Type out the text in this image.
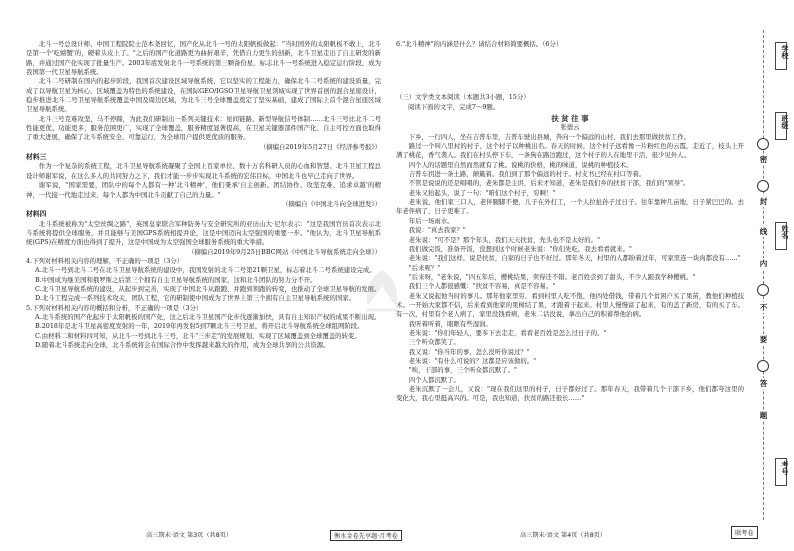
北斗一号总设计师、中国工程院院士范本尧回忆，国产化从北斗一号的太阳帆板做起："当时国外的太阳帆板不敢上，北斗是第一个'吃螃蟹'的，硬着头皮上了。"之后的国产化道路更为曲折艰辛，凭借自力更生的创新，北斗卫星走出了自主研发的新路，并通过国产化实现了批量生产。2003年底发射北斗一号系统的第三颗备份星，标志北斗一号系统进入稳定运行阶段，成为我国第一代卫星导航系统。

北斗二号研制在国内的起步阶段，我国首次建设区域导航系统，它以坚实的工程能力，确保北斗二号系统的建设质量，完成了以导航卫星为核心、区域覆盖为特色的系统建设，在国际GEO/IGSO卫星导航卫星领域实现了世界首创的混合星座设计，稳步推进北斗二号卫星导航系统覆盖中国及周边区域，为北斗三号全球覆盖奠定了坚实基础，建成了国际上首个混合星座区域卫星导航系统。

北斗三号克难攻坚，马不停蹄，为此我们研制出一系列关键技术：星间链路、新型导航信号体制……北斗三号比北斗二号性能更优、功能更多，服务范围更广，实现了全球覆盖，服务精度显著提高，在卫星关键器部件国产化、自主可控方面也取得了重大进展，确保了北斗系统安全、可靠运行，为全球用户提供更优质的服务。

（摘编自2019年5月27日《经济参考报》）

材料三

作为一个复杂的系统工程，北斗卫星导航系统凝聚了全国上百家单位、数十万名科研人员的心血和智慧。北斗卫星工程总设计师谢军说，在这么多人的共同努力之下，我们才能一步步实现北斗系统的宏伟目标，中国北斗也早已走向了世界。

谢军说，"国家需要，团队中的每个人都有一种'北斗精神'，他们秉承'自主创新、团结协作、攻坚克难、追求卓越'的精神，一代接一代地走过来，每个人都为中国北斗贡献了自己的力量。"

（摘编自《中国北斗向全球进发》）

材料四

北斗系统被称为"太空丝绸之路"，英国皇家联合军种防务与安全研究所的亚历山大·尼尔表示："这是我国官员首次表示北斗系统将提供全球服务，并且能够与美国GPS系统相提并论，这是中国迈向太空强国的重要一步。"他认为，北斗卫星导航系统(GPS)在精度方面也得到了提升，这是中国成为太空强国全球服务系统的重大举措。

（摘编自2019年9月25日BBC网站《中国北斗导航系统走向全球》）

4.下列对材料相关内容的理解，不正确的一项是（3分）

A.北斗一号到北斗二号在北斗卫星导航系统的建设中，我国发射的北斗二号第21颗卫星，标志着北斗二号系统建设完成。

B.中国成为继美国和俄罗斯之后第三个拥有自主卫星导航系统的国家，这和北斗团队的努力分不开。

C.北斗卫星导航系统的建设，从起步到完善，实现了中国北斗从跟跑、并跑到领跑的转变，也推动了全球卫星导航的发展。

D.北斗工程完成一系列技术攻关，团队工程，它的研制使中国成为了世界上第三个拥有自主卫星导航系统的国家。

5.下列对材料相关内容的概括和分析，不正确的一项是（3分）

A.北斗系统的国产化起步于太阳帆板的国产化，这之后北斗卫星国产化步伐逐渐加快，具有自主知识产权的成果不断出现。

B.2018年是北斗卫星高密度发射的一年，2019年再发射5到7颗北斗三号卫星，将开启北斗导航系统全球组网阶段。

C.由材料二和材料四可知，从北斗一号到北斗三号，北斗"三步走"的发展规划，实现了区域覆盖到全球覆盖的转变。

D.随着北斗系统走向全球，北斗系统将会在国际合作中发挥越来越大的作用，成为全球共享的公共资源。

6."北斗精神"的内涵是什么？请结合材料简要概括。（6分）

（三）文学类文本阅读（本题共3小题，15分）

阅读下面的文字，完成7～9题。

扶 贫 往 事

张德云

下乡，一行四人，坐在吉普车里，吉普车驶出县城，奔向一个偏远的山村，我们去那里做扶贫工作。

路过一个叫八里村的村子，这个村子以种桃出名。春天的时候，这个村子远看像一片粉红色的云霞，走近了，枝头上开满了桃花，香气袭人。我们在村头停下车，一条狗在路边跑过，这个村子的人在地里干活，很少见外人。

四个人的话题里自然而然就有了桃。说桃的价格，桃的味道，说桃的种植技术。

吉普车拐进一条土路，颠簸着。我们到了那个偏远的村子。村支书已经在村口等着。

不管是说说的还是唱唱的，老朱都是主讲，后来才知道，老朱是我们乡的扶贫干部，我们的"领导"。

老朱又抬起头，说了一句："咱们这个村子，穷啊！"

老朱说，他们家三口人，老伴腿脚不便，儿子在外打工，一个人拉扯孙子过日子。往年靠种几亩地，日子紧巴巴的。去年老伴病了，日子更难了。

年后一场雨水。

我说："真去我家？"

老朱说："可不是？那个年头，我们天天扶贫，先头也不是太好的。"

我们做完饭，准备开饭，没想到这个时候老朱说："你们先吃，我去看看就来。"

老朱说："我们这样，说是扶贫，自家的日子也不好过。那年冬天，村里的人都盼着过年，可家里连一块肉都没有……"

"后来呢？"

"后来呀，"老朱说，"四五年后，樱桃结果，卖得还不错。老百姓尝到了甜头，不少人跟我学种樱桃。"

我们三个人都很感慨："扶贫不容易，真是不容易。"

老朱又说起他当时的事儿。那年他家里穷，看到村里人吃不饱，他四处借钱，带着几个贫困户买了果苗，教他们种植技术。一开始大家都不信，后来看到他家的果树结了果，才跟着干起来。村里人慢慢富了起来，有的盖了新房，有的买了车。有一次，村里有个老人病了，家里没钱看病，老朱二话没说，拿出自己的积蓄帮他治病。

我听着听着，眼眶有些湿润。

老朱说："你们年轻人，要多下去走走，看看老百姓是怎么过日子的。"

三个听众都笑了。

我又说："你当年的事，怎么没听你说过？"

老朱说："有什么可说的？这都是应该做的。"

"唉，干部的事，三个听众都沉默了。"

四个人都沉默了。

老朱沉默了一会儿，又说："现在我们这里的村子，日子都好过了。那年春天，我带着几个干部下乡，他们都夸这里的变化大，我心里挺高兴的。可是，我也知道，扶贫的路还很长……"

高三期末·语文 第3页（共8页）	衡水金卷先享题·月考卷	高三期末·语文 第4页（共8页）	联考卷
学校
班级
姓名
考号
密
封
线
内
不
要
答
题
